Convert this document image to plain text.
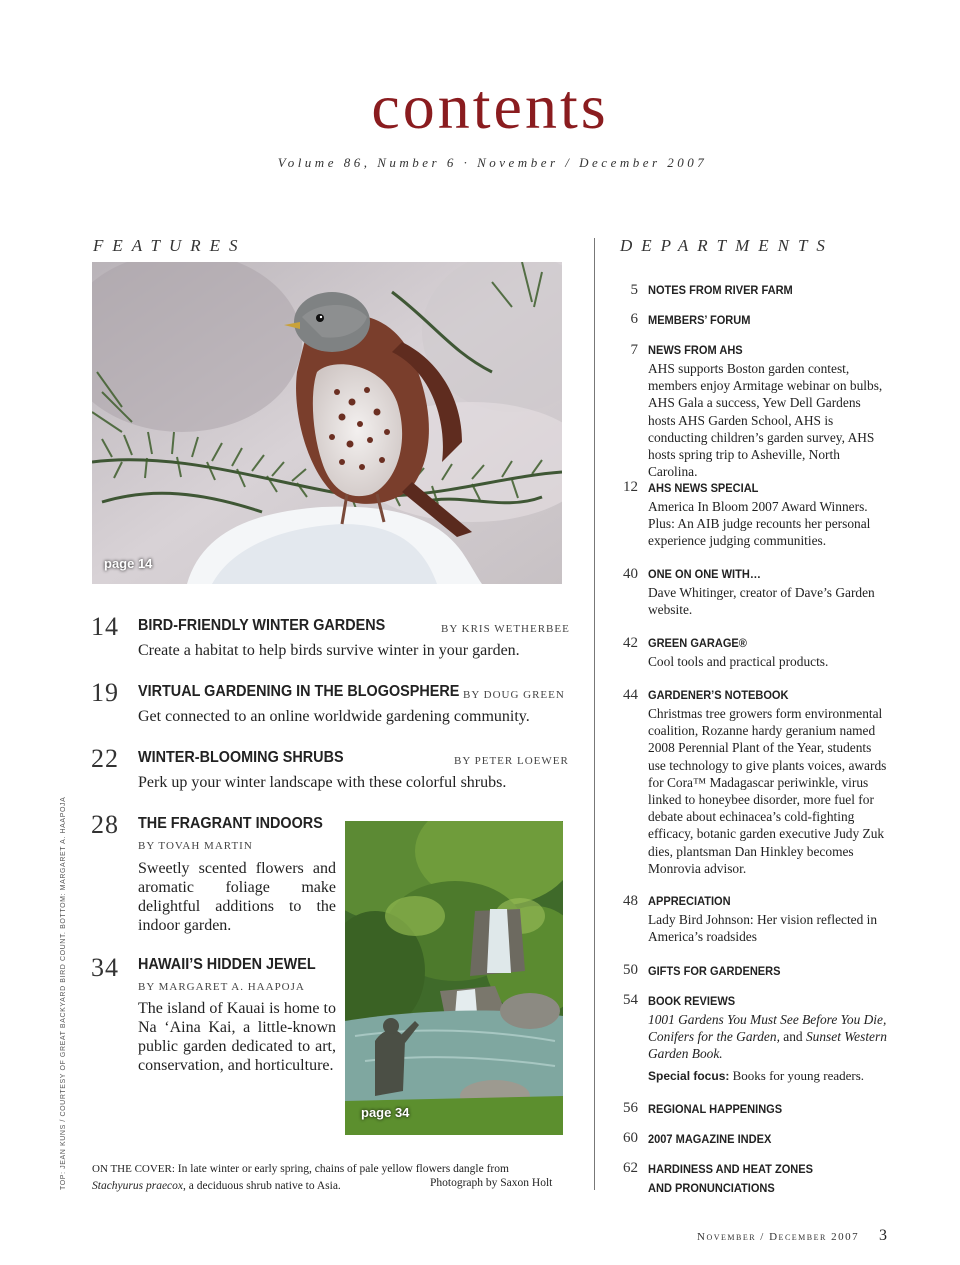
contents
Volume 86, Number 6 · November / December 2007
FEATURES	DEPARTMENTS
page 14
14 BIRD-FRIENDLY WINTER GARDENS	BY KRIS WETHERBEE
Create a habitat to help birds survive winter in your garden.
19 VIRTUAL GARDENING IN THE BLOGOSPHERE BY DOUG GREEN
Get connected to an online worldwide gardening community.
22 WINTER-BLOOMING SHRUBS	BY PETER LOEWER
Perk up your winter landscape with these colorful shrubs.
28 THE FRAGRANT INDOORS
BY TOVAH MARTIN
Sweetly scented flowers and aromatic foliage make delightful additions to the indoor garden.
34 HAWAII’S HIDDEN JEWEL
BY MARGARET A. HAAPOJA
The island of Kauai is home to Na ‘Aina Kai, a little-known public garden dedicated to art, conservation, and horticulture.
page 34
5 NOTES FROM RIVER FARM
6 MEMBERS’ FORUM
7 NEWS FROM AHS
AHS supports Boston garden contest, members enjoy Armitage webinar on bulbs, AHS Gala a success, Yew Dell Gardens hosts AHS Garden School, AHS is conducting children’s garden survey, AHS hosts spring trip to Asheville, North Carolina.
12 AHS NEWS SPECIAL
America In Bloom 2007 Award Winners. Plus: An AIB judge recounts her personal experience judging communities.
40 ONE ON ONE WITH…
Dave Whitinger, creator of Dave’s Garden website.
42 GREEN GARAGE®
Cool tools and practical products.
44 GARDENER’S NOTEBOOK
Christmas tree growers form environmental coalition, Rozanne hardy geranium named 2008 Perennial Plant of the Year, students use technology to give plants voices, awards for Cora™ Madagascar periwinkle, virus linked to honeybee disorder, more fuel for debate about echinacea’s cold-fighting efficacy, botanic garden executive Judy Zuk dies, plantsman Dan Hinkley becomes Monrovia advisor.
48 APPRECIATION
Lady Bird Johnson: Her vision reflected in America’s roadsides
50 GIFTS FOR GARDENERS
54 BOOK REVIEWS
1001 Gardens You Must See Before You Die, Conifers for the Garden, and Sunset Western Garden Book.
Special focus: Books for young readers.
56 REGIONAL HAPPENINGS
60 2007 MAGAZINE INDEX
62 HARDINESS AND HEAT ZONES
AND PRONUNCIATIONS
TOP: JEAN KUNS / COURTESY OF GREAT BACKYARD BIRD COUNT. BOTTOM: MARGARET A. HAAPOJA ON THE COVER: In late winter or early spring, chains of pale yellow flowers dangle from Stachyurus praecox, a deciduous shrub native to Asia.	Photograph by Saxon Holt
November / December 2007 3
